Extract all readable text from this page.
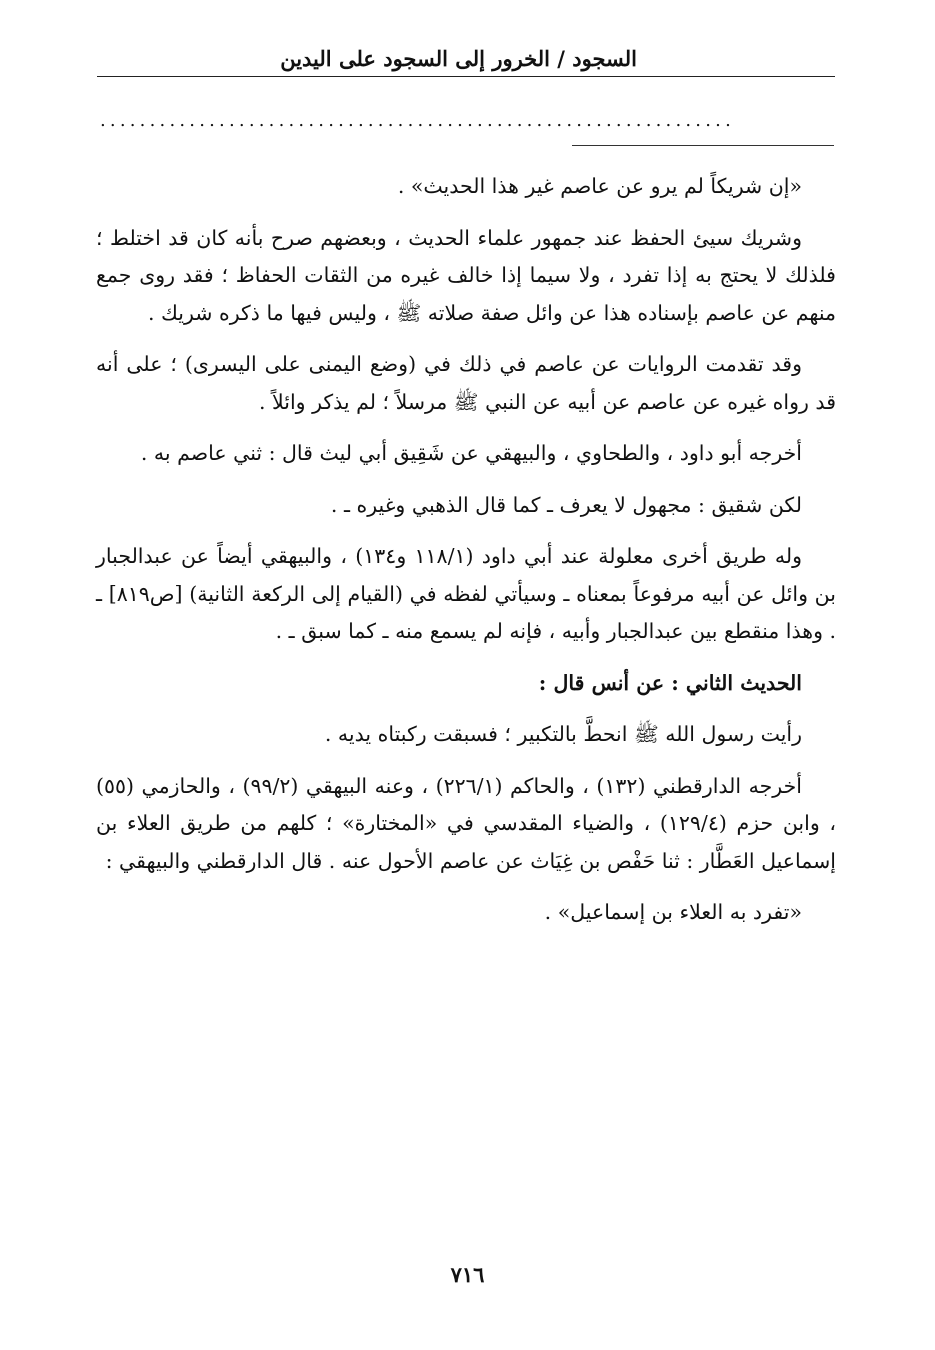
السجود / الخرور إلى السجود على اليدين
................................................................

«إن شريكاً لم يرو عن عاصم غير هذا الحديث» .

وشريك سيئ الحفظ عند جمهور علماء الحديث ، وبعضهم صرح بأنه كان قد اختلط ؛ فلذلك لا يحتج به إذا تفرد ، ولا سيما إذا خالف غيره من الثقات الحفاظ ؛ فقد روى جمع منهم عن عاصم بإسناده هذا عن وائل صفة صلاته ﷺ ، وليس فيها ما ذكره شريك .

وقد تقدمت الروايات عن عاصم في ذلك في (وضع اليمنى على اليسرى) ؛ على أنه قد رواه غيره عن عاصم عن أبيه عن النبي ﷺ مرسلاً ؛ لم يذكر وائلاً .

أخرجه أبو داود ، والطحاوي ، والبيهقي عن شَقِيق أبي ليث قال : ثني عاصم به .

لكن شقيق : مجهول لا يعرف ـ كما قال الذهبي وغيره ـ .

وله طريق أخرى معلولة عند أبي داود (١١٨/١ و١٣٤) ، والبيهقي أيضاً عن عبدالجبار بن وائل عن أبيه مرفوعاً بمعناه ـ وسيأتي لفظه في (القيام إلى الركعة الثانية) [ص٨١٩] ـ . وهذا منقطع بين عبدالجبار وأبيه ، فإنه لم يسمع منه ـ كما سبق ـ .

الحديث الثاني : عن أنس قال :

رأيت رسول الله ﷺ انحطَّ بالتكبير ؛ فسبقت ركبتاه يديه .

أخرجه الدارقطني (١٣٢) ، والحاكم (٢٢٦/١) ، وعنه البيهقي (٩٩/٢) ، والحازمي (٥٥) ، وابن حزم (١٢٩/٤) ، والضياء المقدسي في «المختارة» ؛ كلهم من طريق العلاء بن إسماعيل العَطَّار : ثنا حَفْص بن غِيَاث عن عاصم الأحول عنه . قال الدارقطني والبيهقي :

«تفرد به العلاء بن إسماعيل» .

٧١٦
